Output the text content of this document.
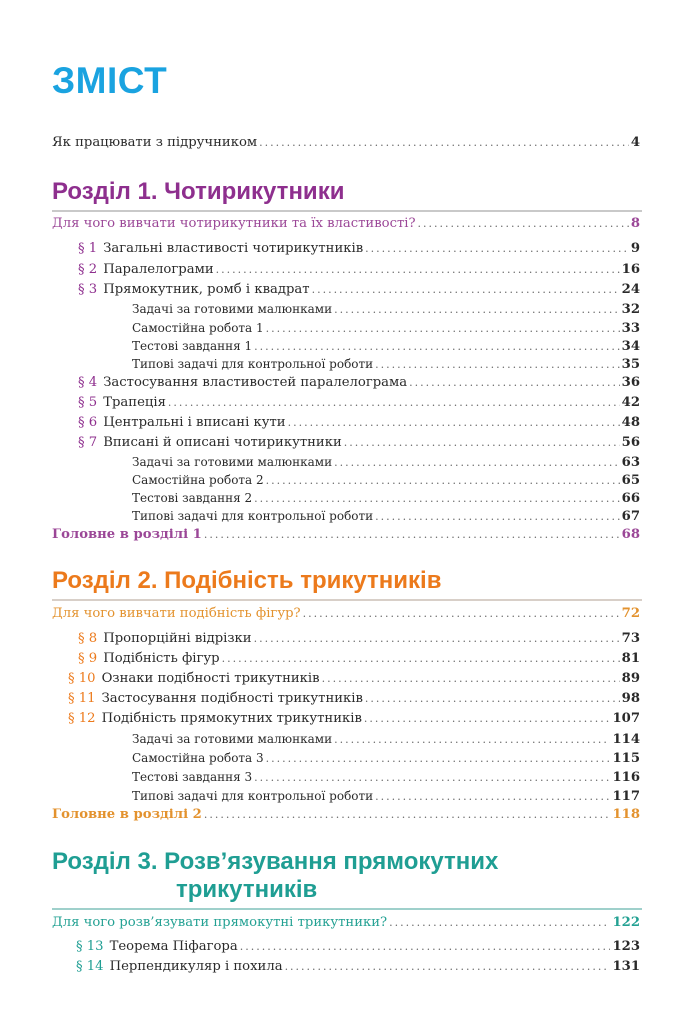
ЗМІСТ
Як працювати з підручником .....	4
Розділ 1. Чотирикутники
Для чого вивчати чотирикутники та їх властивості? .....	8
§ 1 Загальні властивості чотирикутників .....	9
§ 2 Паралелограми .....	16
§ 3 Прямокутник, ромб і квадрат .....	24
Задачі за готовими малюнками .....	32
Самостійна робота 1 .....	33
Тестові завдання 1 .....	34
Типові задачі для контрольної роботи .....	35
§ 4 Застосування властивостей паралелограма .....	36
§ 5 Трапеція .....	42
§ 6 Центральні і вписані кути .....	48
§ 7 Вписані й описані чотирикутники .....	56
Задачі за готовими малюнками .....	63
Самостійна робота 2 .....	65
Тестові завдання 2 .....	66
Типові задачі для контрольної роботи .....	67
Головне в розділі 1 .....	68
Розділ 2. Подібність трикутників
Для чого вивчати подібність фігур? .....	72
§ 8 Пропорційні відрізки .....	73
§ 9 Подібність фігур .....	81
§ 10 Ознаки подібності трикутників .....	89
§ 11 Застосування подібності трикутників .....	98
§ 12 Подібність прямокутних трикутників .....	107
Задачі за готовими малюнками .....	114
Самостійна робота 3 .....	115
Тестові завдання 3 .....	116
Типові задачі для контрольної роботи .....	117
Головне в розділі 2 .....	118
Розділ 3. Розв’язування прямокутних
трикутників
Для чого розв’язувати прямокутні трикутники? .....	122
§ 13 Теорема Піфагора .....	123
§ 14 Перпендикуляр і похила .....	131
